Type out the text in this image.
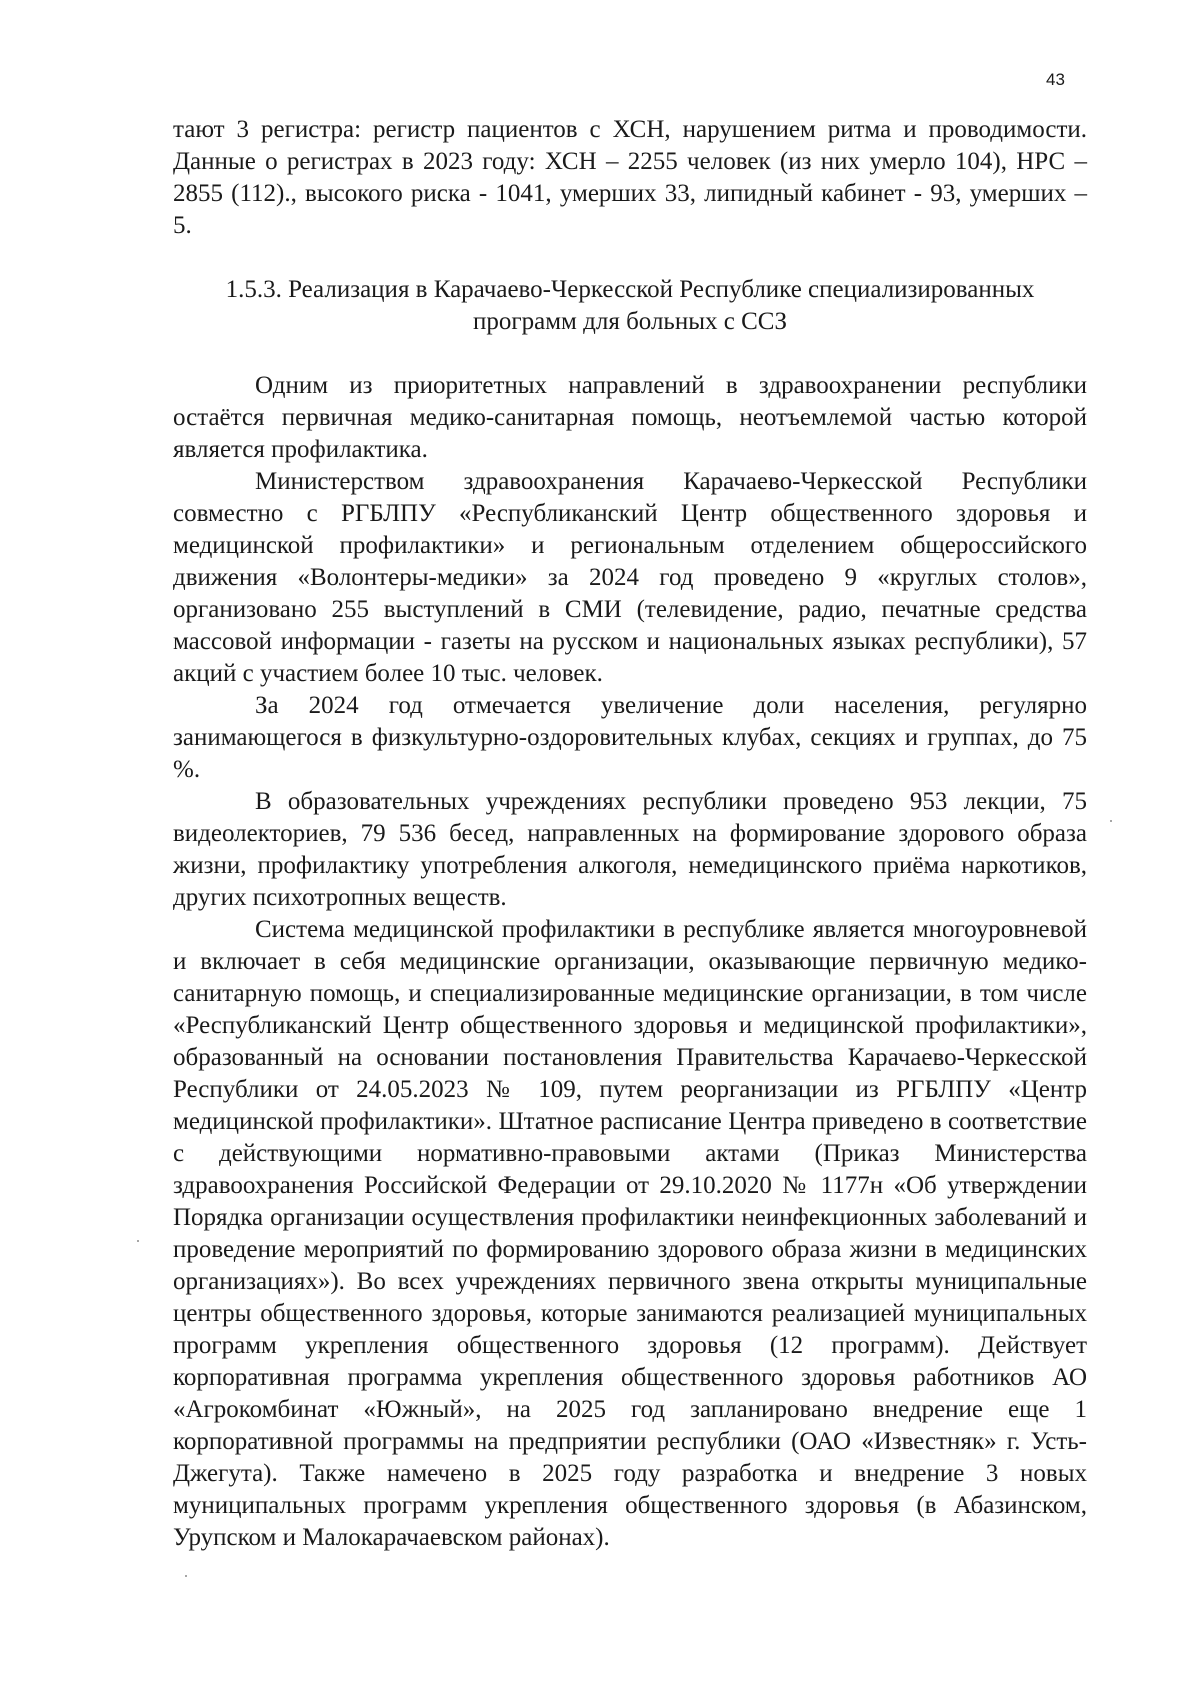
43

тают 3 регистра: регистр пациентов с ХСН, нарушением ритма и проводимости. Данные о регистрах в 2023 году: ХСН – 2255 человек (из них умерло 104), НРС – 2855 (112)., высокого риска - 1041, умерших 33, липидный кабинет - 93, умерших – 5.

1.5.3. Реализация в Карачаево-Черкесской Республике специализированных
программ для больных с ССЗ

Одним из приоритетных направлений в здравоохранении республики остаётся первичная медико-санитарная помощь, неотъемлемой частью которой является профилактика.

Министерством здравоохранения Карачаево-Черкесской Республики совместно с РГБЛПУ «Республиканский Центр общественного здоровья и медицинской профилактики» и региональным отделением общероссийского движения «Волонтеры-медики» за 2024 год проведено 9 «круглых столов», организовано 255 выступлений в СМИ (телевидение, радио, печатные средства массовой информации - газеты на русском и национальных языках республики), 57 акций с участием более 10 тыс. человек.

За 2024 год отмечается увеличение доли населения, регулярно занимающегося в физкультурно-оздоровительных клубах, секциях и группах, до 75 %.

В образовательных учреждениях республики проведено 953 лекции, 75 видеолекториев, 79 536 бесед, направленных на формирование здорового образа жизни, профилактику употребления алкоголя, немедицинского приёма наркотиков, других психотропных веществ.

Система медицинской профилактики в республике является многоуровневой и включает в себя медицинские организации, оказывающие первичную медико-санитарную помощь, и специализированные медицинские организации, в том числе «Республиканский Центр общественного здоровья и медицинской профилактики», образованный на основании постановления Правительства Карачаево-Черкесской Республики от 24.05.2023 № 109, путем реорганизации из РГБЛПУ «Центр медицинской профилактики». Штатное расписание Центра приведено в соответствие с действующими нормативно-правовыми актами (Приказ Министерства здравоохранения Российской Федерации от 29.10.2020 № 1177н «Об утверждении Порядка организации осуществления профилактики неинфекционных заболеваний и проведение мероприятий по формированию здорового образа жизни в медицинских организациях»). Во всех учреждениях первичного звена открыты муниципальные центры общественного здоровья, которые занимаются реализацией муниципальных программ укрепления общественного здоровья (12 программ). Действует корпоративная программа укрепления общественного здоровья работников АО «Агрокомбинат «Южный», на 2025 год запланировано внедрение еще 1 корпоративной программы на предприятии республики (ОАО «Известняк» г. Усть-Джегута). Также намечено в 2025 году разработка и внедрение 3 новых муниципальных программ укрепления общественного здоровья (в Абазинском, Урупском и Малокарачаевском районах).
